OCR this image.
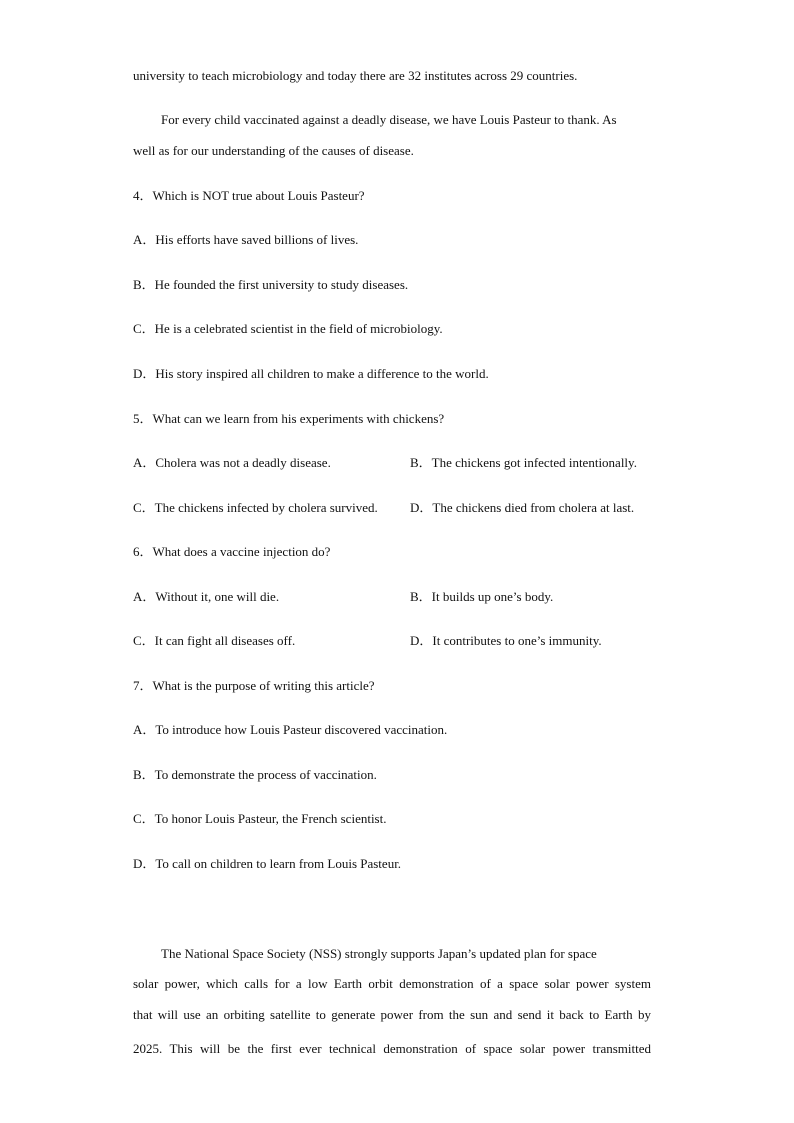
university to teach microbiology and today there are 32 institutes across 29 countries.
For every child vaccinated against a deadly disease, we have Louis Pasteur to thank. As
well as for our understanding of the causes of disease.
4．Which is NOT true about Louis Pasteur?
A．His efforts have saved billions of lives.
B．He founded the first university to study diseases.
C．He is a celebrated scientist in the field of microbiology.
D．His story inspired all children to make a difference to the world.
5．What can we learn from his experiments with chickens?
A．Cholera was not a deadly disease.	B．The chickens got infected intentionally.
C．The chickens infected by cholera survived. D．The chickens died from cholera at last.
6．What does a vaccine injection do?
A．Without it, one will die.	B．It builds up one’s body.
C．It can fight all diseases off.	D．It contributes to one’s immunity.
7．What is the purpose of writing this article?
A．To introduce how Louis Pasteur discovered vaccination.
B．To demonstrate the process of vaccination.
C．To honor Louis Pasteur, the French scientist.
D．To call on children to learn from Louis Pasteur.
The National Space Society (NSS) strongly supports Japan’s updated plan for space
solar power, which calls for a low Earth orbit demonstration of a space solar power system
that will use an orbiting satellite to generate power from the sun and send it back to Earth by
2025. This will be the first ever technical demonstration of space solar power transmitted
